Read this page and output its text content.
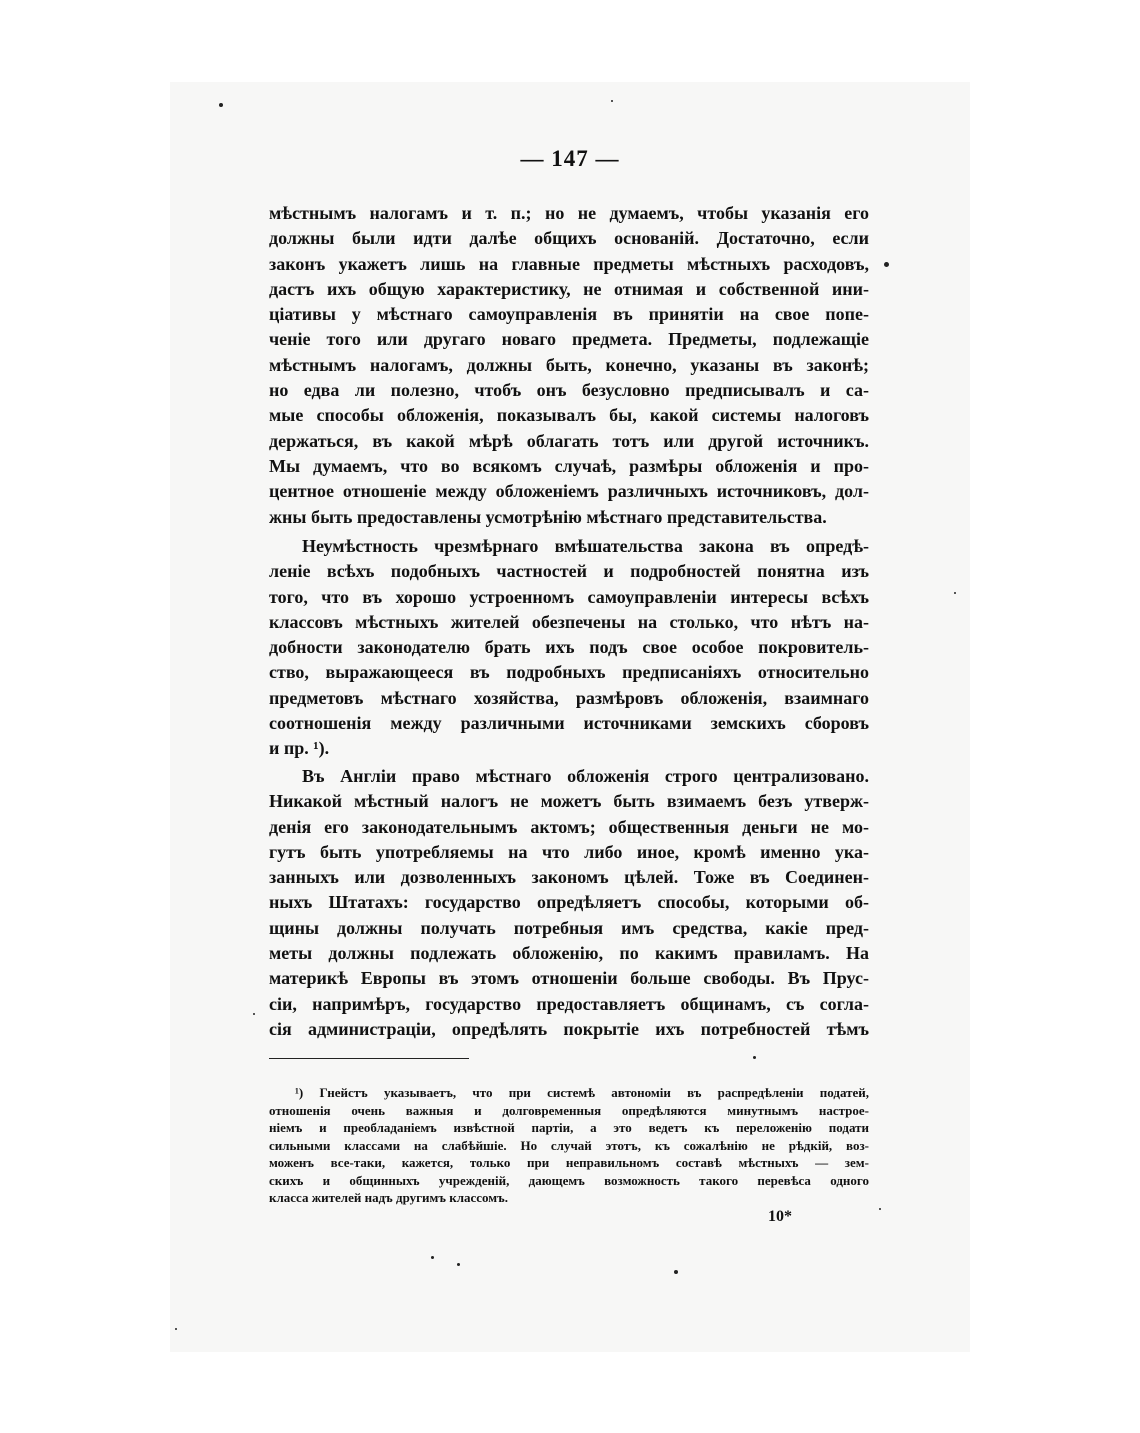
— 147 —
мѣстнымъ налогамъ и т. п.; но не думаемъ, чтобы указанія его
должны были идти далѣе общихъ основаній. Достаточно, если
законъ укажетъ лишь на главные предметы мѣстныхъ расходовъ,
дастъ ихъ общую характеристику, не отнимая и собственной ини-
ціативы у мѣстнаго самоуправленія въ принятіи на свое попе-
ченіе того или другаго новаго предмета. Предметы, подлежащіе
мѣстнымъ налогамъ, должны быть, конечно, указаны въ законѣ;
но едва ли полезно, чтобъ онъ безусловно предписывалъ и са-
мые способы обложенія, показывалъ бы, какой системы налоговъ
держаться, въ какой мѣрѣ облагать тотъ или другой источникъ.
Мы думаемъ, что во всякомъ случаѣ, размѣры обложенія и про-
центное отношеніе между обложеніемъ различныхъ источниковъ, дол-
жны быть предоставлены усмотрѣнію мѣстнаго представительства.
Неумѣстность чрезмѣрнаго вмѣшательства закона въ опредѣ-
леніе всѣхъ подобныхъ частностей и подробностей понятна изъ
того, что въ хорошо устроенномъ самоуправленіи интересы всѣхъ
классовъ мѣстныхъ жителей обезпечены на столько, что нѣтъ на-
добности законодателю брать ихъ подъ свое особое покровитель-
ство, выражающееся въ подробныхъ предписаніяхъ относительно
предметовъ мѣстнаго хозяйства, размѣровъ обложенія, взаимнаго
соотношенія между различными источниками земскихъ сборовъ
и пр. ¹).
Въ Англіи право мѣстнаго обложенія строго централизовано.
Никакой мѣстный налогъ не можетъ быть взимаемъ безъ утверж-
денія его законодательнымъ актомъ; общественныя деньги не мо-
гутъ быть употребляемы на что либо иное, кромѣ именно ука-
занныхъ или дозволенныхъ закономъ цѣлей. Тоже въ Соединен-
ныхъ Штатахъ: государство опредѣляетъ способы, которыми об-
щины должны получать потребныя имъ средства, какіе пред-
меты должны подлежать обложенію, по какимъ правиламъ. На
материкѣ Европы въ этомъ отношеніи больше свободы. Въ Прус-
сіи, напримѣръ, государство предоставляетъ общинамъ, съ согла-
сія администраціи, опредѣлять покрытіе ихъ потребностей тѣмъ
¹) Гнейстъ указываетъ, что при системѣ автономіи въ распредѣленіи податей,
отношенія очень важныя и долговременныя опредѣляются минутнымъ настрое-
ніемъ и преобладаніемъ извѣстной партіи, а это ведетъ къ переложенію подати
сильными классами на слабѣйшіе. Но случай этотъ, къ сожалѣнію не рѣдкій, воз-
моженъ все-таки, кажется, только при неправильномъ составѣ мѣстныхъ — зем-
скихъ и общинныхъ учрежденій, дающемъ возможность такого перевѣса одного
класса жителей надъ другимъ классомъ.
10*
